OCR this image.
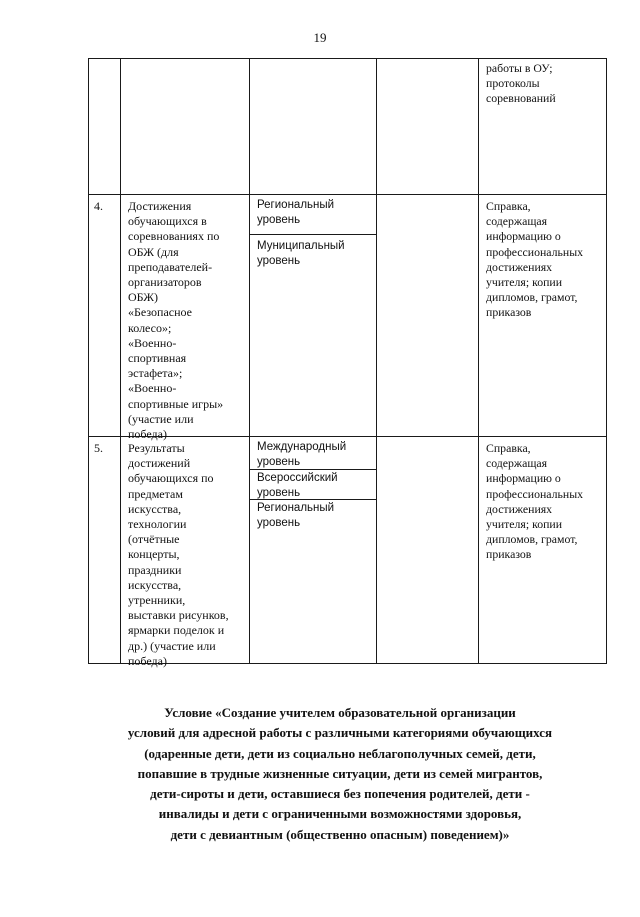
19
работы в ОУ;
протоколы
соревнований
4. Достижения
обучающихся в
соревнованиях по
ОБЖ (для
преподавателей-
организаторов
ОБЖ)
«Безопасное
колесо»;
«Военно-
спортивная
эстафета»;
«Военно-
спортивные игры»
(участие или
победа)
Региональный
уровень
Муниципальный
уровень
Справка,
содержащая
информацию о
профессиональных
достижениях
учителя; копии
дипломов, грамот,
приказов
5. Результаты
достижений
обучающихся по
предметам
искусства,
технологии
(отчётные
концерты,
праздники
искусства,
утренники,
выставки рисунков,
ярмарки поделок и
др.) (участие или
победа)
Международный
уровень
Всероссийский
уровень
Региональный
уровень
Справка,
содержащая
информацию о
профессиональных
достижениях
учителя; копии
дипломов, грамот,
приказов
Условие «Создание учителем образовательной организации
условий для адресной работы с различными категориями обучающихся
(одаренные дети, дети из социально неблагополучных семей, дети,
попавшие в трудные жизненные ситуации, дети из семей мигрантов,
дети-сироты и дети, оставшиеся без попечения родителей, дети -
инвалиды и дети с ограниченными возможностями здоровья,
дети с девиантным (общественно опасным) поведением)»
